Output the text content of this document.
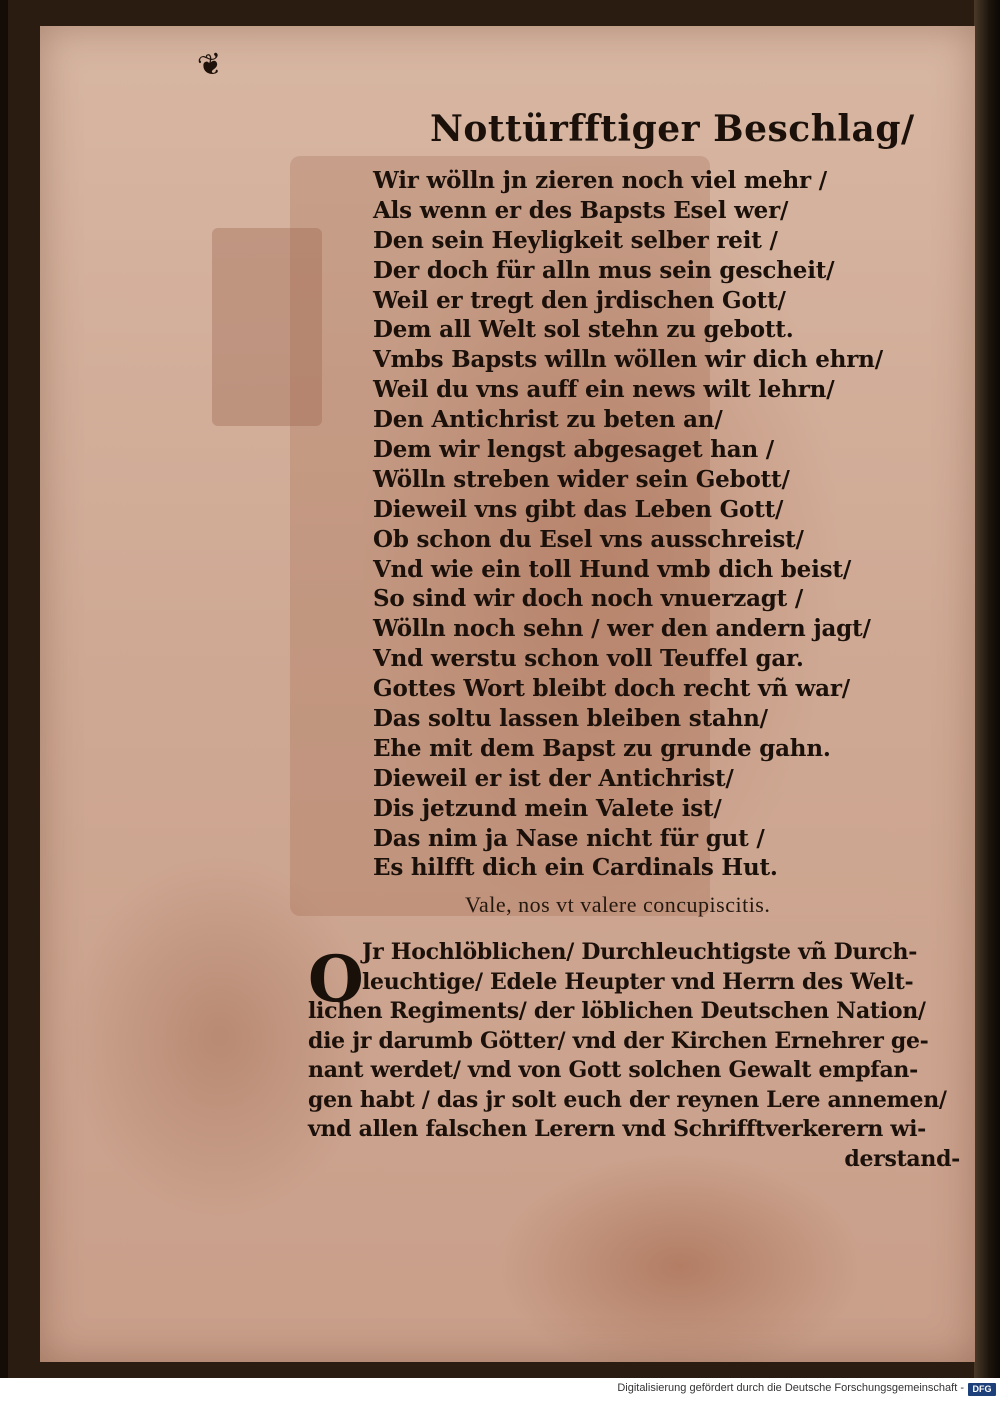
❦
Nottürfftiger Beschlag/
Wir wölln jn zieren noch viel mehr /
Als wenn er des Bapsts Esel wer/
Den sein Heyligkeit selber reit /
Der doch für alln mus sein gescheit/
Weil er tregt den jrdischen Gott/
Dem all Welt sol stehn zu gebott.
Vmbs Bapsts willn wöllen wir dich ehrn/
Weil du vns auff ein news wilt lehrn/
Den Antichrist zu beten an/
Dem wir lengst abgesaget han /
Wölln streben wider sein Gebott/
Dieweil vns gibt das Leben Gott/
Ob schon du Esel vns ausschreist/
Vnd wie ein toll Hund vmb dich beist/
So sind wir doch noch vnuerzagt /
Wölln noch sehn / wer den andern jagt/
Vnd werstu schon voll Teuffel gar.
Gottes Wort bleibt doch recht vñ war/
Das soltu lassen bleiben stahn/
Ehe mit dem Bapst zu grunde gahn.
Dieweil er ist der Antichrist/
Dis jetzund mein Valete ist/
Das nim ja Nase nicht für gut /
Es hilfft dich ein Cardinals Hut.
Vale, nos vt valere concupiscitis.
O
Jr Hochlöblichen/ Durchleuchtigste vñ Durch-
leuchtige/ Edele Heupter vnd Herrn des Welt-
lichen Regiments/ der löblichen Deutschen Nation/
die jr darumb Götter/ vnd der Kirchen Ernehrer ge-
nant werdet/ vnd von Gott solchen Gewalt empfan-
gen habt / das jr solt euch der reynen Lere annemen/
vnd allen falschen Lerern vnd Schrifftverkerern wi-
derstand-
Digitalisierung gefördert durch die Deutsche Forschungsgemeinschaft - DFG
